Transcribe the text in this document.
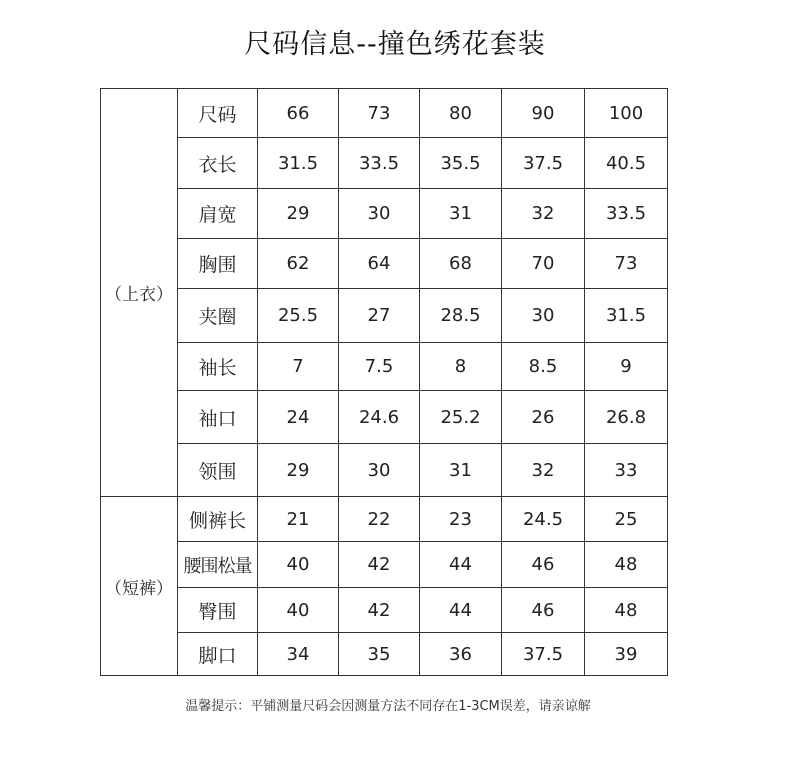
尺码信息--撞色绣花套装
（上衣）	尺码	66	73	80	90	100
	衣长	31.5	33.5	35.5	37.5	40.5
	肩宽	29	30	31	32	33.5
	胸围	62	64	68	70	73
	夹圈	25.5	27	28.5	30	31.5
	袖长	7	7.5	8	8.5	9
	袖口	24	24.6	25.2	26	26.8
	领围	29	30	31	32	33
（短裤）	侧裤长	21	22	23	24.5	25
	腰围松量	40	42	44	46	48
	臀围	40	42	44	46	48
	脚口	34	35	36	37.5	39
温馨提示：平铺测量尺码会因测量方法不同存在1-3CM误差，请亲谅解
